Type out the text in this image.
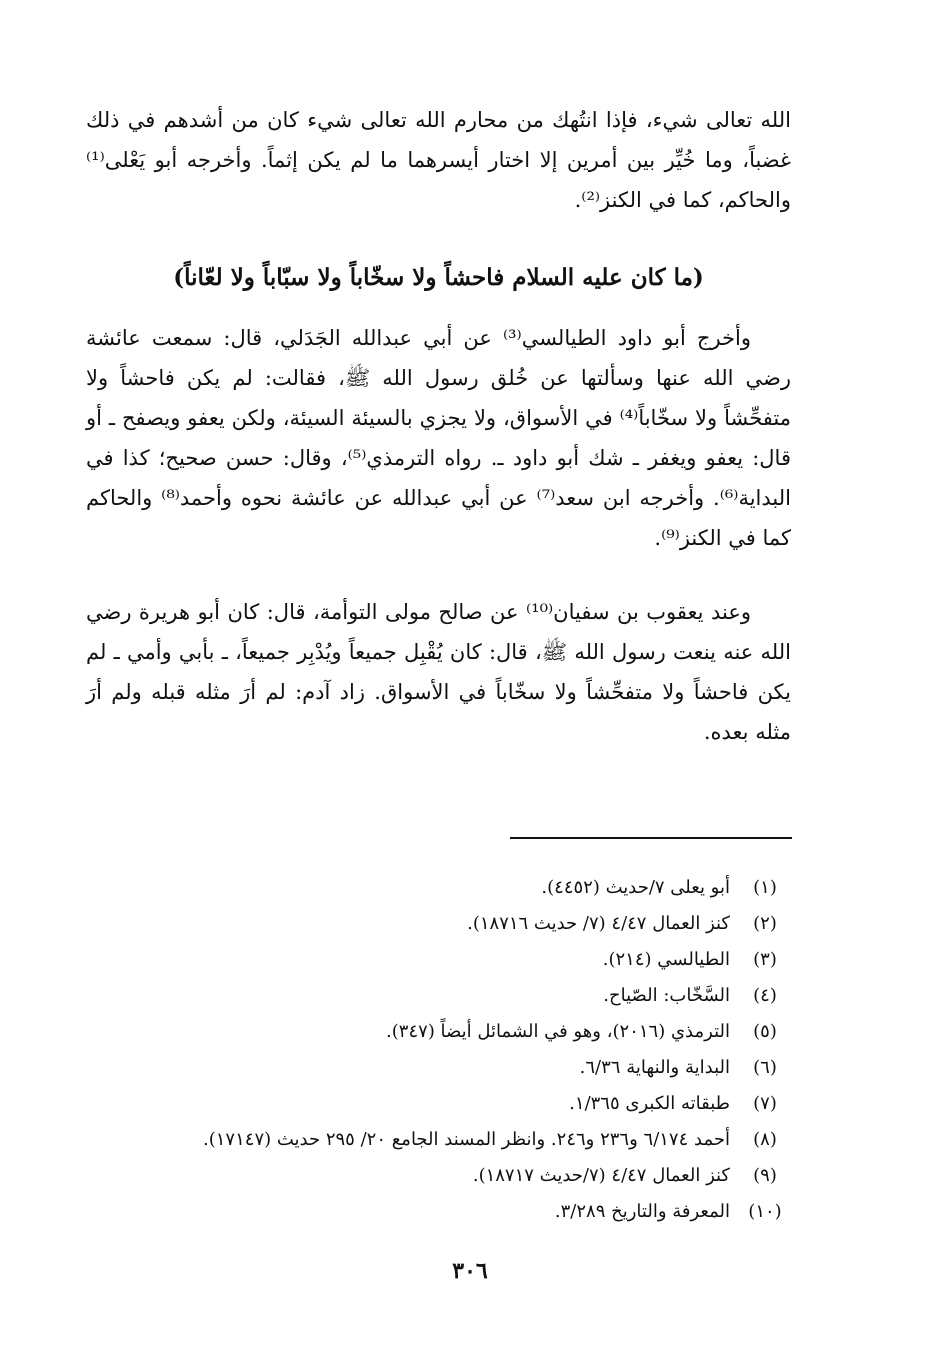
الله تعالى شيء، فإذا انتُهك من محارم الله تعالى شيء كان من أشدهم في ذلك غضباً، وما خُيِّر بين أمرين إلا اختار أيسرهما ما لم يكن إثماً. وأخرجه أبو يَعْلى⁽¹⁾ والحاكم، كما في الكنز⁽²⁾.

(ما كان عليه السلام فاحشاً ولا سخّاباً ولا سبّاباً ولا لعّاناً)

وأخرج أبو داود الطيالسي⁽³⁾ عن أبي عبدالله الجَدَلي، قال: سمعت عائشة رضي الله عنها وسألتها عن خُلق رسول الله ﷺ، فقالت: لم يكن فاحشاً ولا متفحِّشاً ولا سخّاباً⁽⁴⁾ في الأسواق، ولا يجزي بالسيئة السيئة، ولكن يعفو ويصفح ـ أو قال: يعفو ويغفر ـ شك أبو داود ـ. رواه الترمذي⁽⁵⁾، وقال: حسن صحيح؛ كذا في البداية⁽⁶⁾. وأخرجه ابن سعد⁽⁷⁾ عن أبي عبدالله عن عائشة نحوه وأحمد⁽⁸⁾ والحاكم كما في الكنز⁽⁹⁾.

وعند يعقوب بن سفيان⁽¹⁰⁾ عن صالح مولى التوأمة، قال: كان أبو هريرة رضي الله عنه ينعت رسول الله ﷺ، قال: كان يُقْبِل جميعاً ويُدْبِر جميعاً، ـ بأبي وأمي ـ لم يكن فاحشاً ولا متفحِّشاً ولا سخّاباً في الأسواق. زاد آدم: لم أرَ مثله قبله ولم أرَ مثله بعده.

(١)
أبو يعلى ٧/حديث (٤٤٥٢).
(٢)
كنز العمال ٤/٤٧ (٧/ حديث ١٨٧١٦).
(٣)
الطيالسي (٢١٤).
(٤)
السَّخّاب: الصّياح.
(٥)
الترمذي (٢٠١٦)، وهو في الشمائل أيضاً (٣٤٧).
(٦)
البداية والنهاية ٦/٣٦.
(٧)
طبقاته الكبرى ١/٣٦٥.
(٨)
أحمد ٦/١٧٤ و٢٣٦ و٢٤٦. وانظر المسند الجامع ٢٠/ ٢٩٥ حديث (١٧١٤٧).
(٩)
كنز العمال ٤/٤٧ (٧/حديث ١٨٧١٧).
(١٠)
المعرفة والتاريخ ٣/٢٨٩.
٣٠٦
